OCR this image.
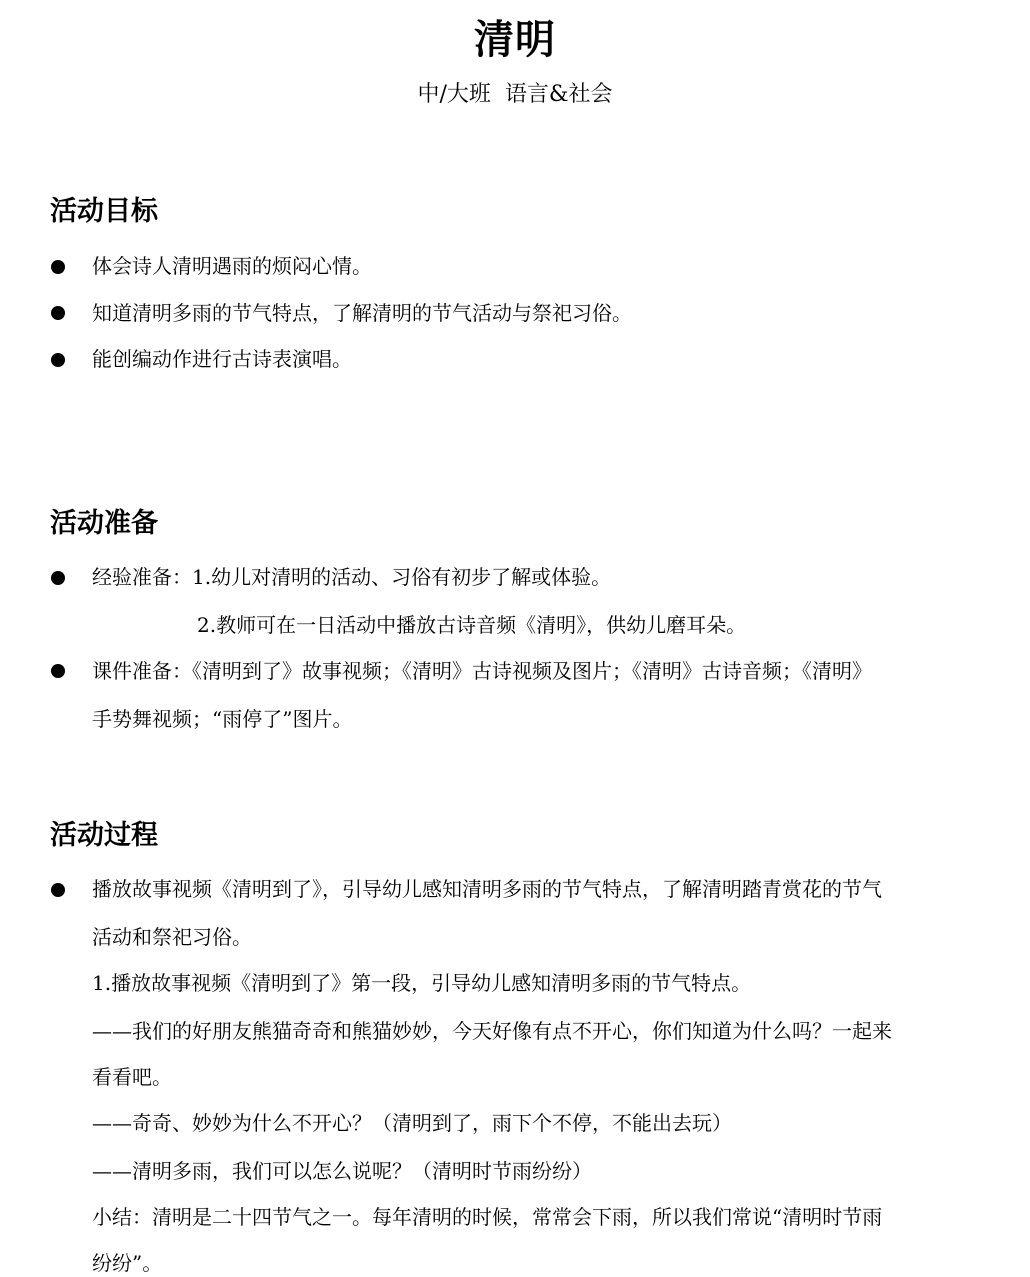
清明
中/大班  语言&社会
活动目标
体会诗人清明遇雨的烦闷心情。
知道清明多雨的节气特点，了解清明的节气活动与祭祀习俗。
能创编动作进行古诗表演唱。
活动准备
经验准备：1.幼儿对清明的活动、习俗有初步了解或体验。
2.教师可在一日活动中播放古诗音频《清明》，供幼儿磨耳朵。
课件准备：《清明到了》故事视频；《清明》古诗视频及图片；《清明》古诗音频；《清明》
手势舞视频；“雨停了”图片。
活动过程
播放故事视频《清明到了》，引导幼儿感知清明多雨的节气特点，了解清明踏青赏花的节气
活动和祭祀习俗。
1.播放故事视频《清明到了》第一段，引导幼儿感知清明多雨的节气特点。
——我们的好朋友熊猫奇奇和熊猫妙妙，今天好像有点不开心，你们知道为什么吗？一起来
看看吧。
——奇奇、妙妙为什么不开心？（清明到了，雨下个不停，不能出去玩）
——清明多雨，我们可以怎么说呢？（清明时节雨纷纷）
小结：清明是二十四节气之一。每年清明的时候，常常会下雨，所以我们常说“清明时节雨
纷纷”。
